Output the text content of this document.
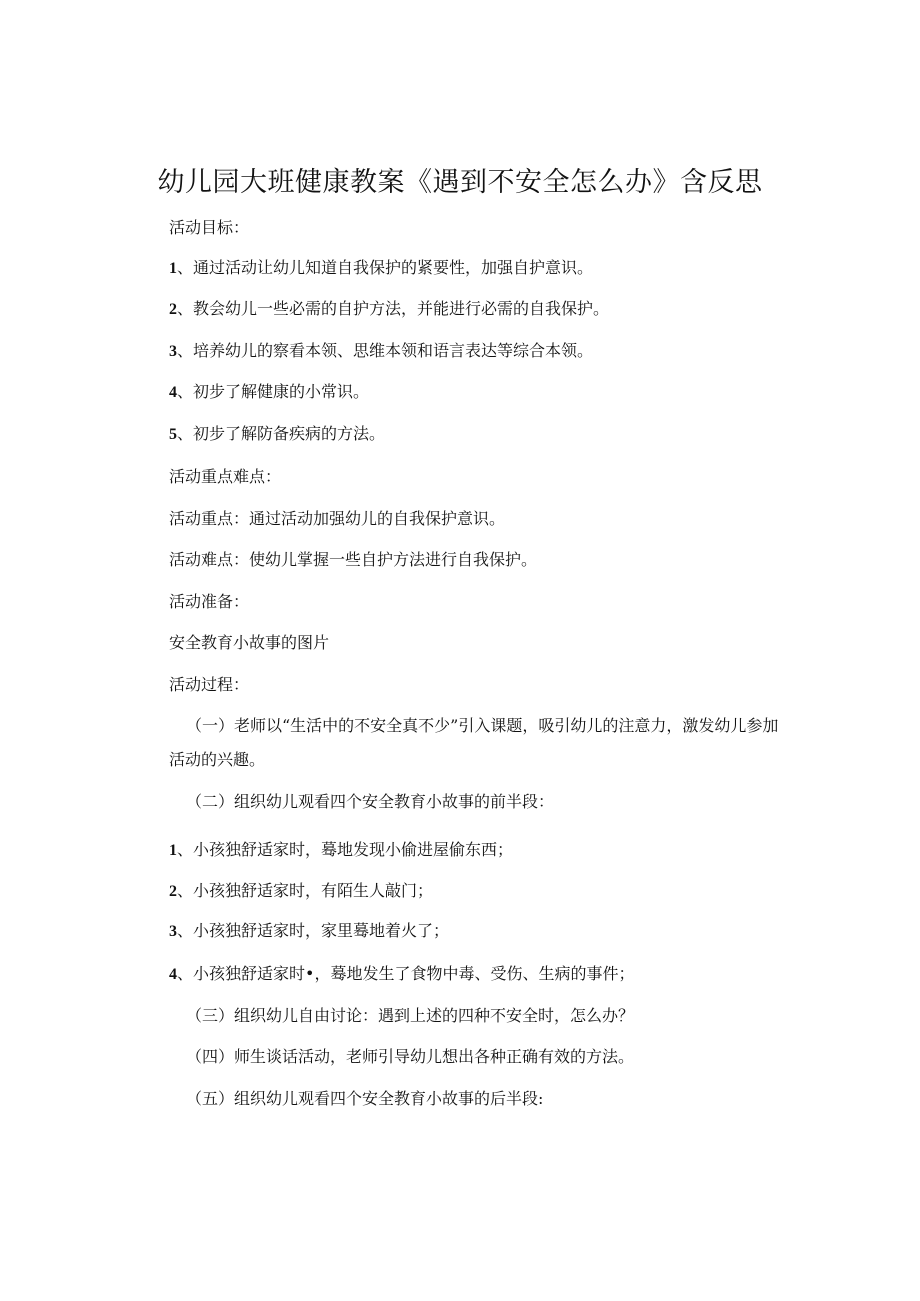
幼儿园大班健康教案《遇到不安全怎么办》含反思
活动目标：
1、通过活动让幼儿知道自我保护的紧要性，加强自护意识。
2、教会幼儿一些必需的自护方法，并能进行必需的自我保护。
3、培养幼儿的察看本领、思维本领和语言表达等综合本领。
4、初步了解健康的小常识。
5、初步了解防备疾病的方法。
活动重点难点：
活动重点：通过活动加强幼儿的自我保护意识。
活动难点：使幼儿掌握一些自护方法进行自我保护。
活动准备：
安全教育小故事的图片
活动过程：
（一）老师以“生活中的不安全真不少”引入课题，吸引幼儿的注意力，激发幼儿参加活动的兴趣。
（二）组织幼儿观看四个安全教育小故事的前半段：
1、小孩独舒适家时，蓦地发现小偷进屋偷东西；
2、小孩独舒适家时，有陌生人敲门；
3、小孩独舒适家时，家里蓦地着火了；
4、小孩独舒适家时•，蓦地发生了食物中毒、受伤、生病的事件；
（三）组织幼儿自由讨论：遇到上述的四种不安全时，怎么办？
（四）师生谈话活动，老师引导幼儿想出各种正确有效的方法。
（五）组织幼儿观看四个安全教育小故事的后半段:
